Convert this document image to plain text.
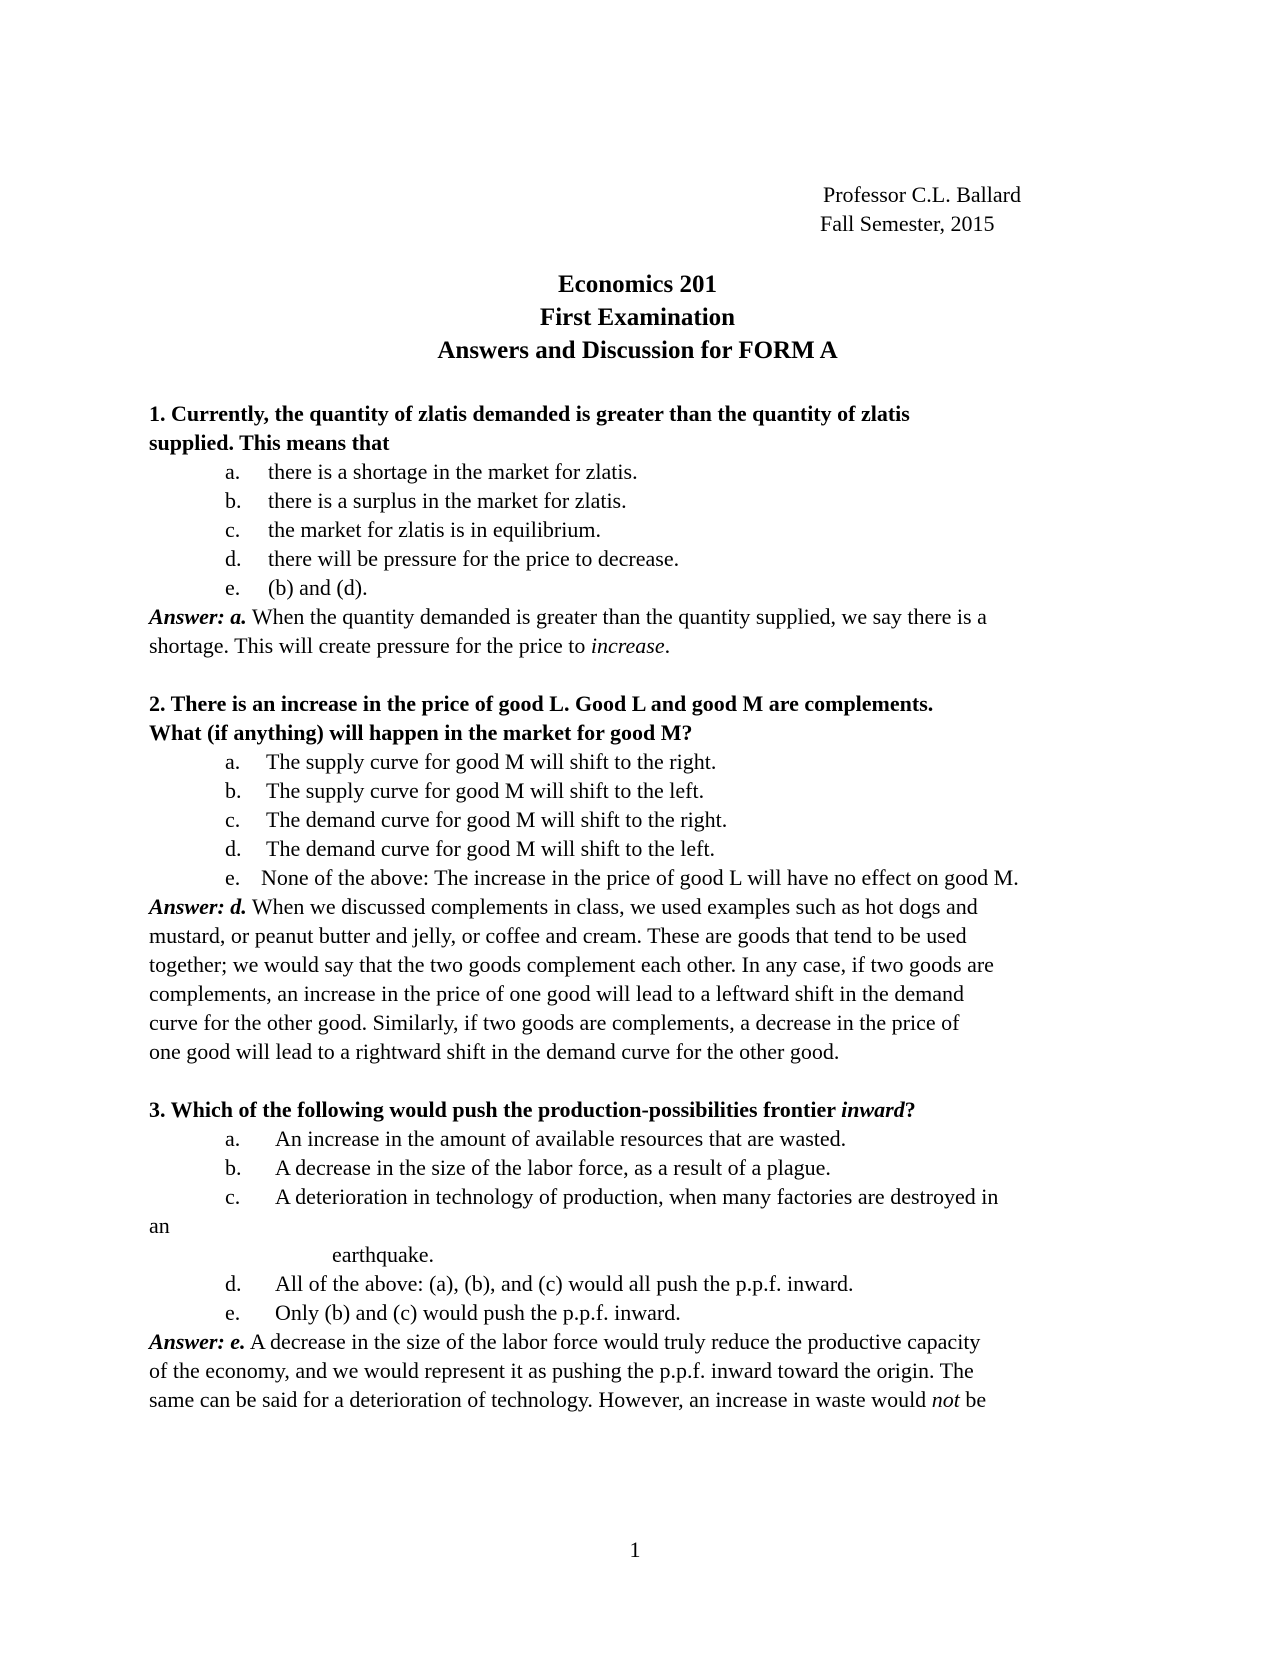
Professor C.L. Ballard
Fall Semester, 2015
Economics 201
First Examination
Answers and Discussion for FORM A

1. Currently, the quantity of zlatis demanded is greater than the quantity of zlatis
supplied. This means that

a. there is a shortage in the market for zlatis.
b. there is a surplus in the market for zlatis.
c. the market for zlatis is in equilibrium.
d. there will be pressure for the price to decrease.
e. (b) and (d).

Answer: a. When the quantity demanded is greater than the quantity supplied, we say there is a
shortage. This will create pressure for the price to increase.

2. There is an increase in the price of good L. Good L and good M are complements.
What (if anything) will happen in the market for good M?

a. The supply curve for good M will shift to the right.
b. The supply curve for good M will shift to the left.
c. The demand curve for good M will shift to the right.
d. The demand curve for good M will shift to the left.
e. None of the above: The increase in the price of good L will have no effect on good M.

Answer: d. When we discussed complements in class, we used examples such as hot dogs and
mustard, or peanut butter and jelly, or coffee and cream. These are goods that tend to be used
together; we would say that the two goods complement each other. In any case, if two goods are
complements, an increase in the price of one good will lead to a leftward shift in the demand
curve for the other good. Similarly, if two goods are complements, a decrease in the price of
one good will lead to a rightward shift in the demand curve for the other good.

3. Which of the following would push the production-possibilities frontier inward?

a. An increase in the amount of available resources that are wasted.
b. A decrease in the size of the labor force, as a result of a plague.
c. A deterioration in technology of production, when many factories are destroyed in

an

earthquake.

d. All of the above: (a), (b), and (c) would all push the p.p.f. inward.
e. Only (b) and (c) would push the p.p.f. inward.

Answer: e. A decrease in the size of the labor force would truly reduce the productive capacity
of the economy, and we would represent it as pushing the p.p.f. inward toward the origin. The
same can be said for a deterioration of technology. However, an increase in waste would not be

1
